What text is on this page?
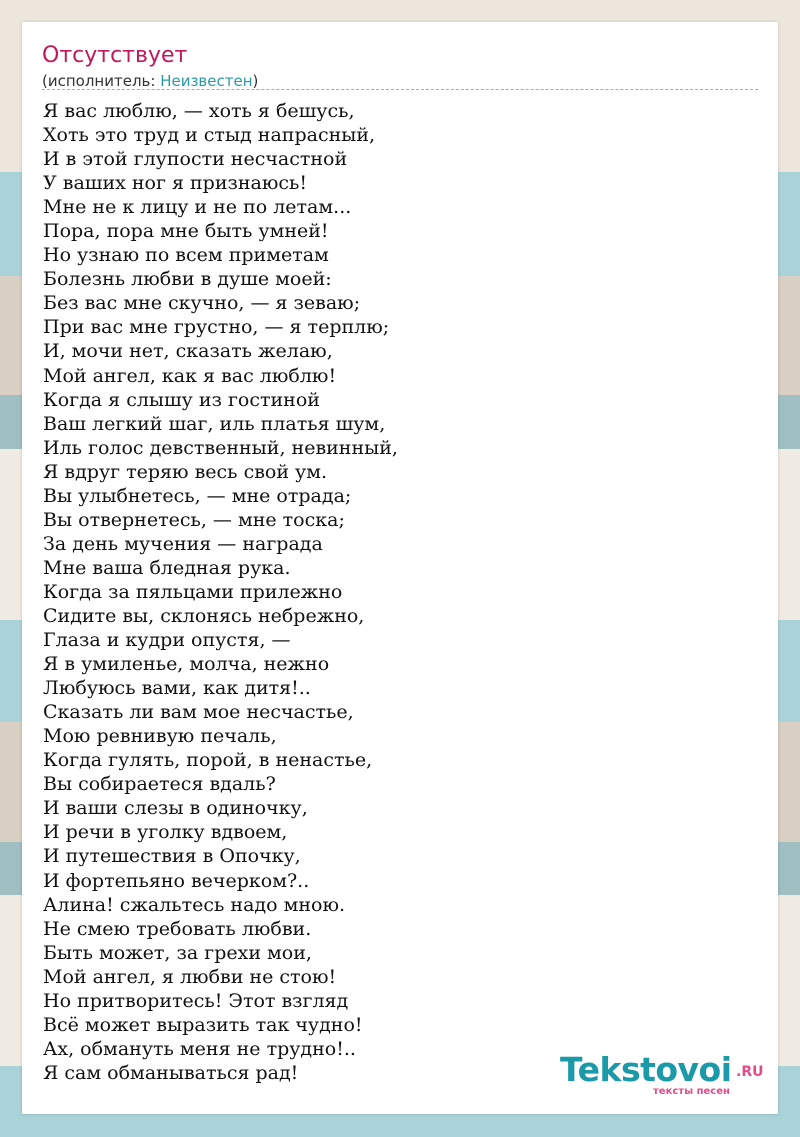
Отсутствует
(исполнитель: Неизвестен)
Я вас люблю, — хоть я бешусь,
Хоть это труд и стыд напрасный,
И в этой глупости несчастной
У ваших ног я признаюсь!
Мне не к лицу и не по летам...
Пора, пора мне быть умней!
Но узнаю по всем приметам
Болезнь любви в душе моей:
Без вас мне скучно, — я зеваю;
При вас мне грустно, — я терплю;
И, мочи нет, сказать желаю,
Мой ангел, как я вас люблю!
Когда я слышу из гостиной
Ваш легкий шаг, иль платья шум,
Иль голос девственный, невинный,
Я вдруг теряю весь свой ум.
Вы улыбнетесь, — мне отрада;
Вы отвернетесь, — мне тоска;
За день мучения — награда
Мне ваша бледная рука.
Когда за пяльцами прилежно
Сидите вы, склонясь небрежно,
Глаза и кудри опустя, —
Я в умиленье, молча, нежно
Любуюсь вами, как дитя!..
Сказать ли вам мое несчастье,
Мою ревнивую печаль,
Когда гулять, порой, в ненастье,
Вы собираетеся вдаль?
И ваши слезы в одиночку,
И речи в уголку вдвоем,
И путешествия в Опочку,
И фортепьяно вечерком?..
Алина! сжальтесь надо мною.
Не смею требовать любви.
Быть может, за грехи мои,
Мой ангел, я любви не стою!
Но притворитесь! Этот взгляд
Всё может выразить так чудно!
Ах, обмануть меня не трудно!..
Я сам обманываться рад!	Tekstovoi .RU
тексты песен
